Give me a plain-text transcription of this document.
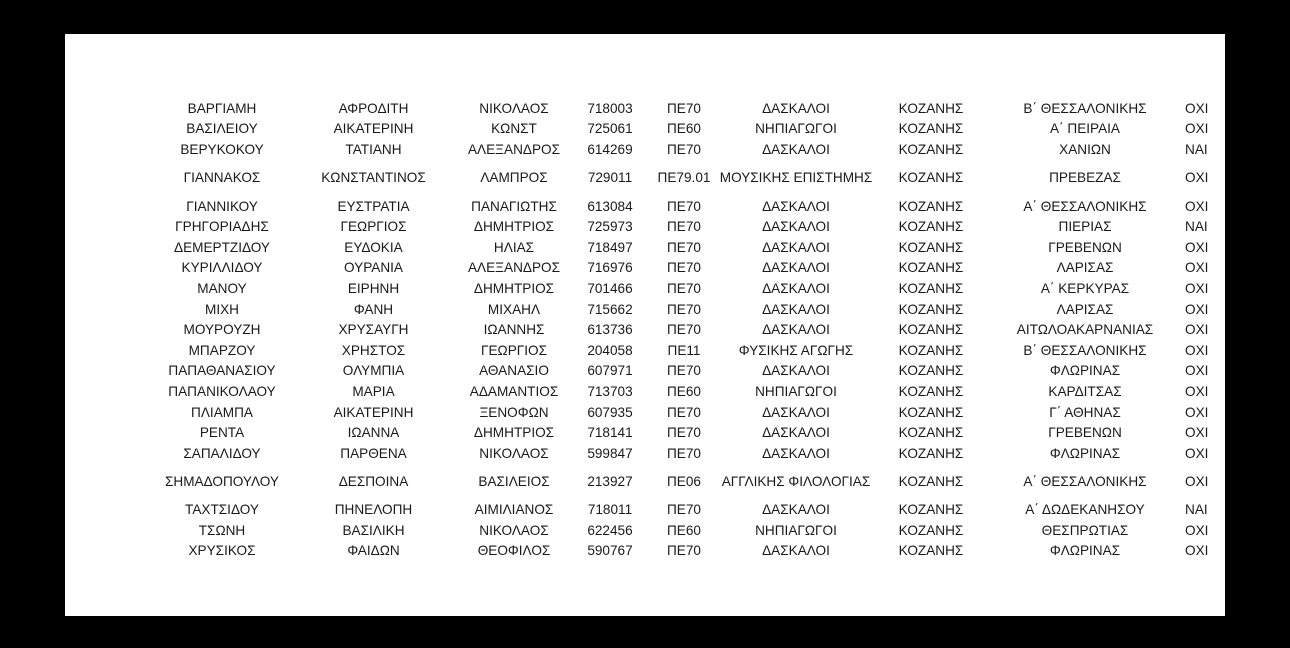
ΒΑΡΓΙΑΜΗ	ΑΦΡΟΔΙΤΗ	ΝΙΚΟΛΑΟΣ	718003	ΠΕ70	ΔΑΣΚΑΛΟΙ	ΚΟΖΑΝΗΣ	Β΄ ΘΕΣΣΑΛΟΝΙΚΗΣ	ΟΧΙ
ΒΑΣΙΛΕΙΟΥ	ΑΙΚΑΤΕΡΙΝΗ	ΚΩΝΣΤ	725061	ΠΕ60	ΝΗΠΙΑΓΩΓΟΙ	ΚΟΖΑΝΗΣ	Α΄ ΠΕΙΡΑΙΑ	ΟΧΙ
ΒΕΡΥΚΟΚΟΥ	ΤΑΤΙΑΝΗ	ΑΛΕΞΑΝΔΡΟΣ	614269	ΠΕ70	ΔΑΣΚΑΛΟΙ	ΚΟΖΑΝΗΣ	ΧΑΝΙΩΝ	ΝΑΙ
ΓΙΑΝΝΑΚΟΣ	ΚΩΝΣΤΑΝΤΙΝΟΣ	ΛΑΜΠΡΟΣ	729011	ΠΕ79.01	ΜΟΥΣΙΚΗΣ ΕΠΙΣΤΗΜΗΣ	ΚΟΖΑΝΗΣ	ΠΡΕΒΕΖΑΣ	ΟΧΙ
ΓΙΑΝΝΙΚΟΥ	ΕΥΣΤΡΑΤΙΑ	ΠΑΝΑΓΙΩΤΗΣ	613084	ΠΕ70	ΔΑΣΚΑΛΟΙ	ΚΟΖΑΝΗΣ	Α΄ ΘΕΣΣΑΛΟΝΙΚΗΣ	ΟΧΙ
ΓΡΗΓΟΡΙΑΔΗΣ	ΓΕΩΡΓΙΟΣ	ΔΗΜΗΤΡΙΟΣ	725973	ΠΕ70	ΔΑΣΚΑΛΟΙ	ΚΟΖΑΝΗΣ	ΠΙΕΡΙΑΣ	ΝΑΙ
ΔΕΜΕΡΤΖΙΔΟΥ	ΕΥΔΟΚΙΑ	ΗΛΙΑΣ	718497	ΠΕ70	ΔΑΣΚΑΛΟΙ	ΚΟΖΑΝΗΣ	ΓΡΕΒΕΝΩΝ	ΟΧΙ
ΚΥΡΙΛΛΙΔΟΥ	ΟΥΡΑΝΙΑ	ΑΛΕΞΑΝΔΡΟΣ	716976	ΠΕ70	ΔΑΣΚΑΛΟΙ	ΚΟΖΑΝΗΣ	ΛΑΡΙΣΑΣ	ΟΧΙ
ΜΑΝΟΥ	ΕΙΡΗΝΗ	ΔΗΜΗΤΡΙΟΣ	701466	ΠΕ70	ΔΑΣΚΑΛΟΙ	ΚΟΖΑΝΗΣ	Α΄ ΚΕΡΚΥΡΑΣ	ΟΧΙ
ΜΙΧΗ	ΦΑΝΗ	ΜΙΧΑΗΛ	715662	ΠΕ70	ΔΑΣΚΑΛΟΙ	ΚΟΖΑΝΗΣ	ΛΑΡΙΣΑΣ	ΟΧΙ
ΜΟΥΡΟΥΖΗ	ΧΡΥΣΑΥΓΗ	ΙΩΑΝΝΗΣ	613736	ΠΕ70	ΔΑΣΚΑΛΟΙ	ΚΟΖΑΝΗΣ	ΑΙΤΩΛΟΑΚΑΡΝΑΝΙΑΣ	ΟΧΙ
ΜΠΑΡΖΟΥ	ΧΡΗΣΤΟΣ	ΓΕΩΡΓΙΟΣ	204058	ΠΕ11	ΦΥΣΙΚΗΣ ΑΓΩΓΗΣ	ΚΟΖΑΝΗΣ	Β΄ ΘΕΣΣΑΛΟΝΙΚΗΣ	ΟΧΙ
ΠΑΠΑΘΑΝΑΣΙΟΥ	ΟΛΥΜΠΙΑ	ΑΘΑΝΑΣΙΟ	607971	ΠΕ70	ΔΑΣΚΑΛΟΙ	ΚΟΖΑΝΗΣ	ΦΛΩΡΙΝΑΣ	ΟΧΙ
ΠΑΠΑΝΙΚΟΛΑΟΥ	ΜΑΡΙΑ	ΑΔΑΜΑΝΤΙΟΣ	713703	ΠΕ60	ΝΗΠΙΑΓΩΓΟΙ	ΚΟΖΑΝΗΣ	ΚΑΡΔΙΤΣΑΣ	ΟΧΙ
ΠΛΙΑΜΠΑ	ΑΙΚΑΤΕΡΙΝΗ	ΞΕΝΟΦΩΝ	607935	ΠΕ70	ΔΑΣΚΑΛΟΙ	ΚΟΖΑΝΗΣ	Γ΄ ΑΘΗΝΑΣ	ΟΧΙ
ΡΕΝΤΑ	ΙΩΑΝΝΑ	ΔΗΜΗΤΡΙΟΣ	718141	ΠΕ70	ΔΑΣΚΑΛΟΙ	ΚΟΖΑΝΗΣ	ΓΡΕΒΕΝΩΝ	ΟΧΙ
ΣΑΠΑΛΙΔΟΥ	ΠΑΡΘΕΝΑ	ΝΙΚΟΛΑΟΣ	599847	ΠΕ70	ΔΑΣΚΑΛΟΙ	ΚΟΖΑΝΗΣ	ΦΛΩΡΙΝΑΣ	ΟΧΙ
ΣΗΜΑΔΟΠΟΥΛΟΥ	ΔΕΣΠΟΙΝΑ	ΒΑΣΙΛΕΙΟΣ	213927	ΠΕ06	ΑΓΓΛΙΚΗΣ ΦΙΛΟΛΟΓΙΑΣ	ΚΟΖΑΝΗΣ	Α΄ ΘΕΣΣΑΛΟΝΙΚΗΣ	ΟΧΙ
ΤΑΧΤΣΙΔΟΥ	ΠΗΝΕΛΟΠΗ	ΑΙΜΙΛΙΑΝΟΣ	718011	ΠΕ70	ΔΑΣΚΑΛΟΙ	ΚΟΖΑΝΗΣ	Α΄ ΔΩΔΕΚΑΝΗΣΟΥ	ΝΑΙ
ΤΣΩΝΗ	ΒΑΣΙΛΙΚΗ	ΝΙΚΟΛΑΟΣ	622456	ΠΕ60	ΝΗΠΙΑΓΩΓΟΙ	ΚΟΖΑΝΗΣ	ΘΕΣΠΡΩΤΙΑΣ	ΟΧΙ
ΧΡΥΣΙΚΟΣ	ΦΑΙΔΩΝ	ΘΕΟΦΙΛΟΣ	590767	ΠΕ70	ΔΑΣΚΑΛΟΙ	ΚΟΖΑΝΗΣ	ΦΛΩΡΙΝΑΣ	ΟΧΙ
